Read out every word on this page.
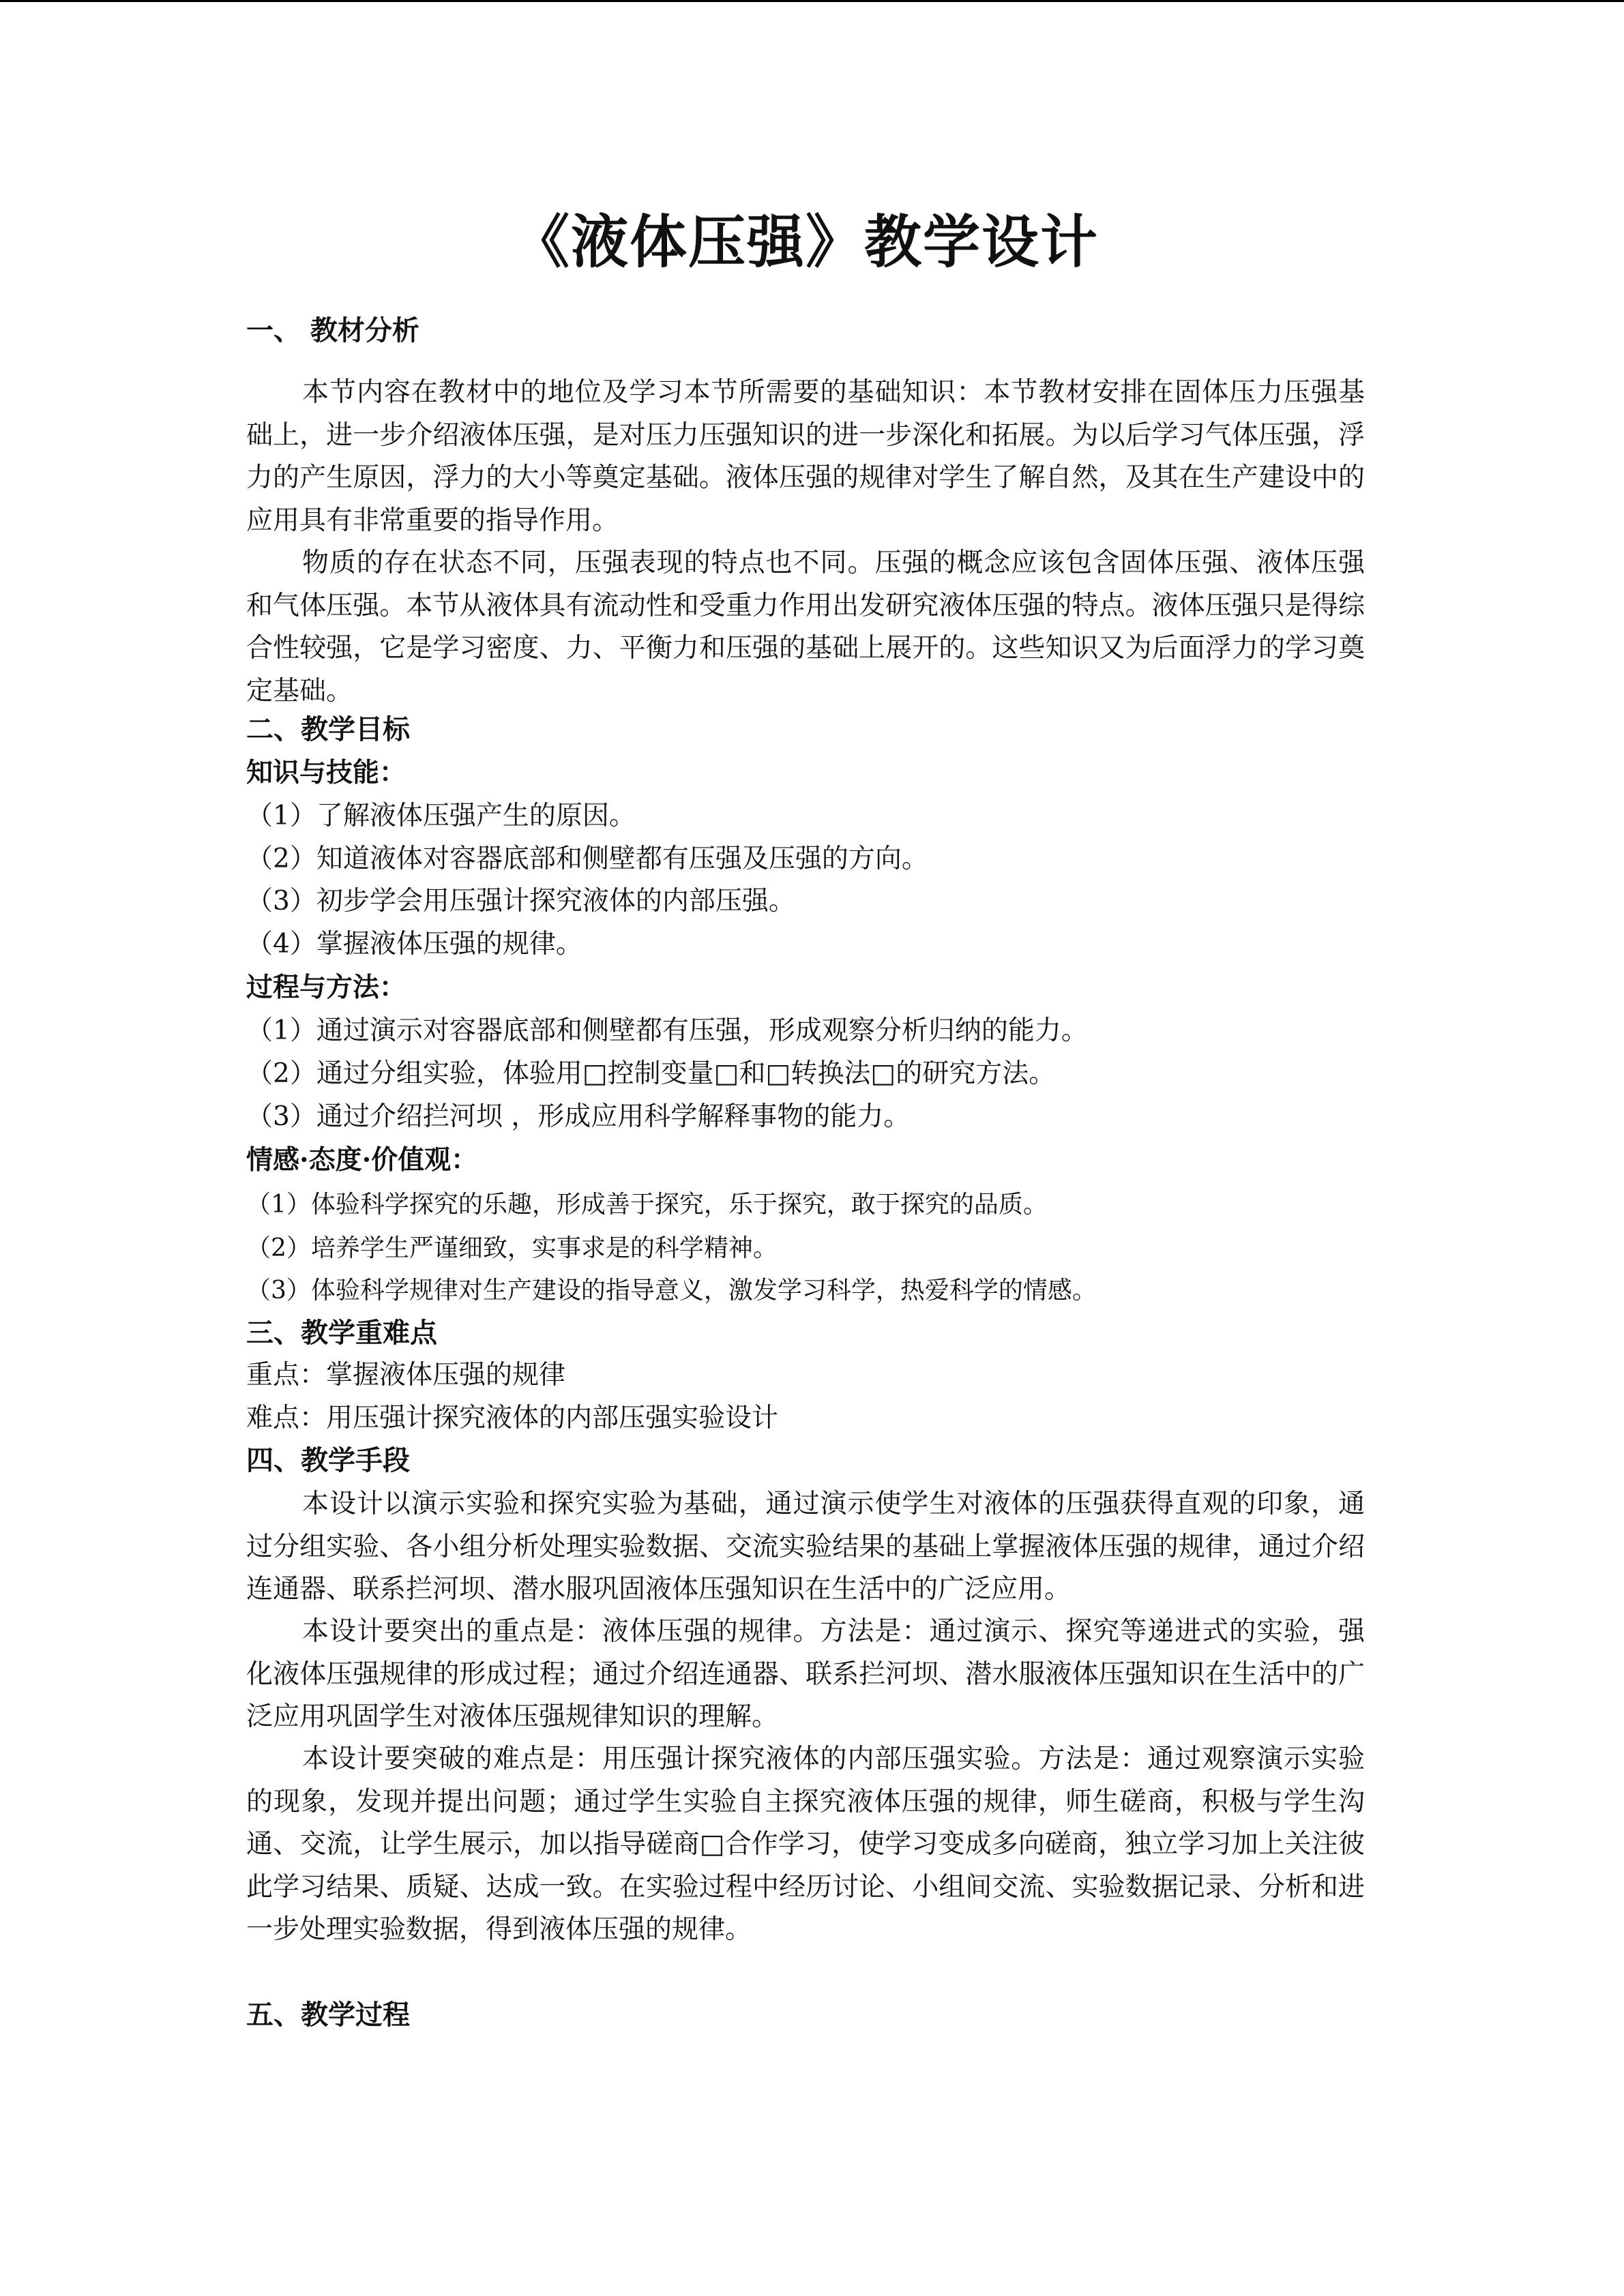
《液体压强》教学设计
一、 教材分析
本节内容在教材中的地位及学习本节所需要的基础知识：本节教材安排在固体压力压强基础上，进一步介绍液体压强，是对压力压强知识的进一步深化和拓展。为以后学习气体压强，浮力的产生原因，浮力的大小等奠定基础。液体压强的规律对学生了解自然，及其在生产建设中的应用具有非常重要的指导作用。
物质的存在状态不同，压强表现的特点也不同。压强的概念应该包含固体压强、液体压强和气体压强。本节从液体具有流动性和受重力作用出发研究液体压强的特点。液体压强只是得综合性较强，它是学习密度、力、平衡力和压强的基础上展开的。这些知识又为后面浮力的学习奠定基础。
二、教学目标
知识与技能：
（1）了解液体压强产生的原因。
（2）知道液体对容器底部和侧壁都有压强及压强的方向。
（3）初步学会用压强计探究液体的内部压强。
（4）掌握液体压强的规律。
过程与方法：
（1）通过演示对容器底部和侧壁都有压强，形成观察分析归纳的能力。
（2）通过分组实验，体验用□控制变量□和□转换法□的研究方法。
（3）通过介绍拦河坝 ，形成应用科学解释事物的能力。
情感·态度·价值观：
（1）体验科学探究的乐趣，形成善于探究，乐于探究，敢于探究的品质。
（2）培养学生严谨细致，实事求是的科学精神。
（3）体验科学规律对生产建设的指导意义，激发学习科学，热爱科学的情感。
三、教学重难点
重点：掌握液体压强的规律
难点：用压强计探究液体的内部压强实验设计
四、教学手段
本设计以演示实验和探究实验为基础，通过演示使学生对液体的压强获得直观的印象，通过分组实验、各小组分析处理实验数据、交流实验结果的基础上掌握液体压强的规律，通过介绍连通器、联系拦河坝、潜水服巩固液体压强知识在生活中的广泛应用。
本设计要突出的重点是：液体压强的规律。方法是：通过演示、探究等递进式的实验，强化液体压强规律的形成过程；通过介绍连通器、联系拦河坝、潜水服液体压强知识在生活中的广泛应用巩固学生对液体压强规律知识的理解。
本设计要突破的难点是：用压强计探究液体的内部压强实验。方法是：通过观察演示实验的现象，发现并提出问题；通过学生实验自主探究液体压强的规律，师生磋商，积极与学生沟通、交流，让学生展示，加以指导磋商□合作学习，使学习变成多向磋商，独立学习加上关注彼此学习结果、质疑、达成一致。在实验过程中经历讨论、小组间交流、实验数据记录、分析和进一步处理实验数据，得到液体压强的规律。
五、教学过程
